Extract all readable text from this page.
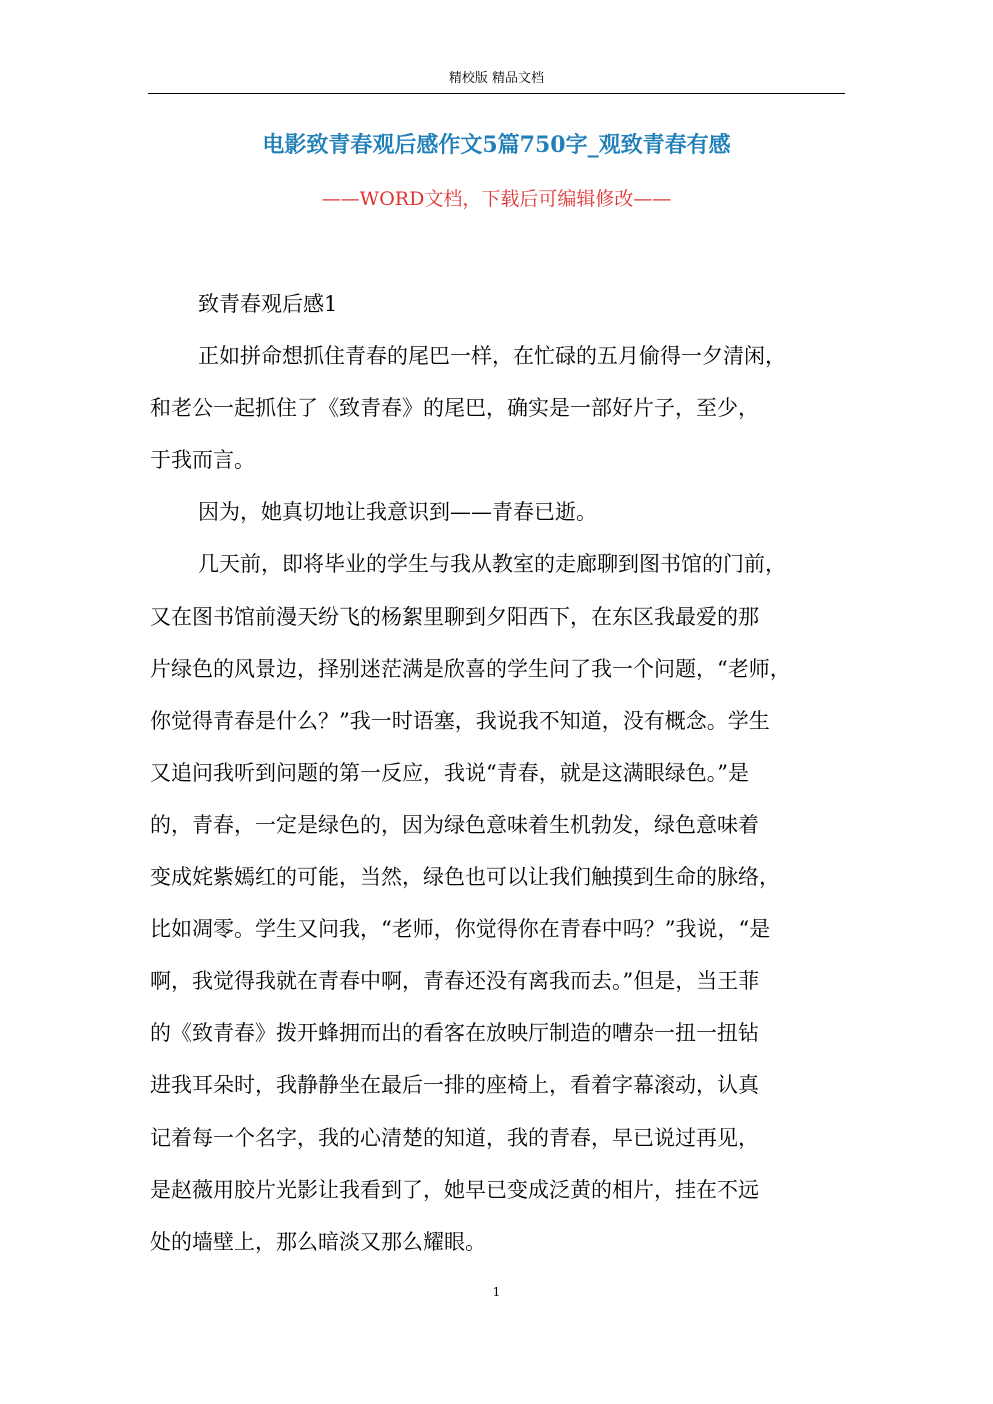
精校版 精品文档
电影致青春观后感作文5篇750字_观致青春有感
——WORD文档，下载后可编辑修改——
致青春观后感1
正如拼命想抓住青春的尾巴一样，在忙碌的五月偷得一夕清闲，
和老公一起抓住了《致青春》的尾巴，确实是一部好片子，至少，
于我而言。
因为，她真切地让我意识到——青春已逝。
几天前，即将毕业的学生与我从教室的走廊聊到图书馆的门前，
又在图书馆前漫天纷飞的杨絮里聊到夕阳西下，在东区我最爱的那
片绿色的风景边，择别迷茫满是欣喜的学生问了我一个问题，“老师，
你觉得青春是什么？”我一时语塞，我说我不知道，没有概念。学生
又追问我听到问题的第一反应，我说“青春，就是这满眼绿色。”是
的，青春，一定是绿色的，因为绿色意味着生机勃发，绿色意味着
变成姹紫嫣红的可能，当然，绿色也可以让我们触摸到生命的脉络，
比如凋零。学生又问我，“老师，你觉得你在青春中吗？”我说，“是
啊，我觉得我就在青春中啊，青春还没有离我而去。”但是，当王菲
的《致青春》拨开蜂拥而出的看客在放映厅制造的嘈杂一扭一扭钻
进我耳朵时，我静静坐在最后一排的座椅上，看着字幕滚动，认真
记着每一个名字，我的心清楚的知道，我的青春，早已说过再见，
是赵薇用胶片光影让我看到了，她早已变成泛黄的相片，挂在不远
处的墙壁上，那么暗淡又那么耀眼。
1
